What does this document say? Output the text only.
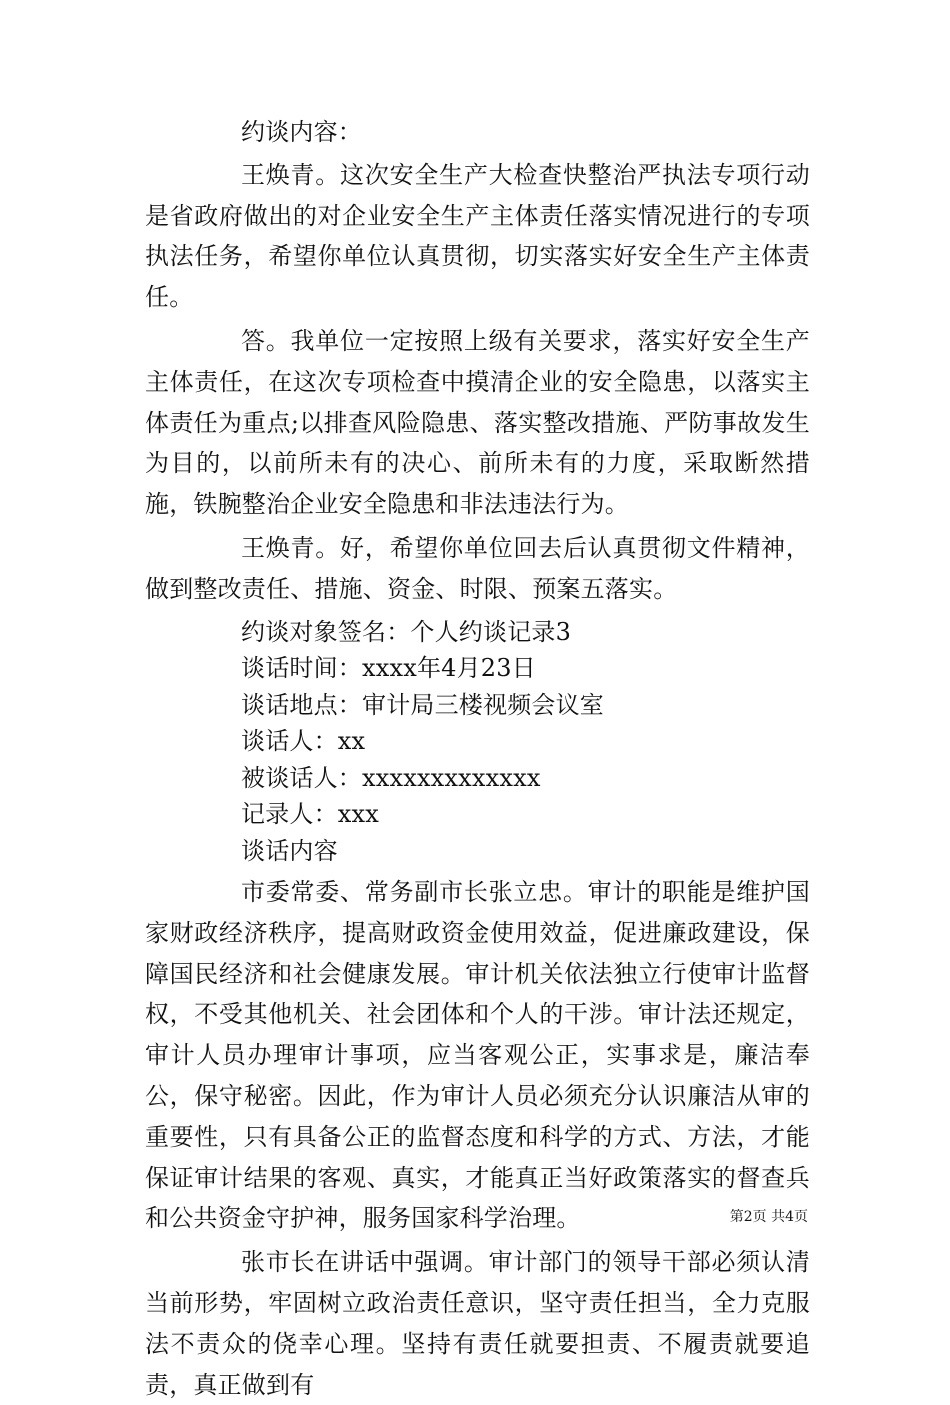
约谈内容：

王焕青。这次安全生产大检查快整治严执法专项行动是省政府做出的对企业安全生产主体责任落实情况进行的专项执法任务，希望你单位认真贯彻，切实落实好安全生产主体责任。

答。我单位一定按照上级有关要求，落实好安全生产主体责任，在这次专项检查中摸清企业的安全隐患，以落实主体责任为重点;以排查风险隐患、落实整改措施、严防事故发生为目的，以前所未有的决心、前所未有的力度，采取断然措施，铁腕整治企业安全隐患和非法违法行为。

王焕青。好，希望你单位回去后认真贯彻文件精神，做到整改责任、措施、资金、时限、预案五落实。

约谈对象签名：个人约谈记录3

谈话时间：xxxx年4月23日

谈话地点：审计局三楼视频会议室

谈话人：xx

被谈话人：xxxxxxxxxxxxx

记录人：xxx

谈话内容

市委常委、常务副市长张立忠。审计的职能是维护国家财政经济秩序，提高财政资金使用效益，促进廉政建设，保障国民经济和社会健康发展。审计机关依法独立行使审计监督权，不受其他机关、社会团体和个人的干涉。审计法还规定，审计人员办理审计事项，应当客观公正，实事求是，廉洁奉公，保守秘密。因此，作为审计人员必须充分认识廉洁从审的重要性，只有具备公正的监督态度和科学的方式、方法，才能保证审计结果的客观、真实，才能真正当好政策落实的督查兵和公共资金守护神，服务国家科学治理。

张市长在讲话中强调。审计部门的领导干部必须认清当前形势，牢固树立政治责任意识，坚守责任担当，全力克服法不责众的侥幸心理。坚持有责任就要担责、不履责就要追责，真正做到有

第2页 共4页
